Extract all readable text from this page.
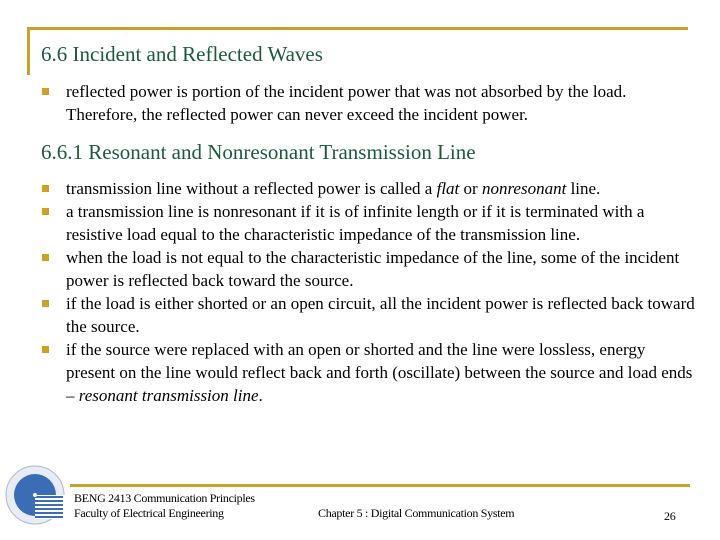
6.6 Incident and Reflected Waves
reflected power is portion of the incident power that was not absorbed by the load. Therefore, the reflected power can never exceed the incident power.
6.6.1 Resonant and Nonresonant Transmission Line
transmission line without a reflected power is called a flat or nonresonant line.
a transmission line is nonresonant if it is of infinite length or if it is terminated with a resistive load equal to the characteristic impedance of the transmission line.
when the load is not equal to the characteristic impedance of the line, some of the incident power is reflected back toward the source.
if the load is either shorted or an open circuit, all the incident power is reflected back toward the source.
if the source were replaced with an open or shorted and the line were lossless, energy present on the line would reflect back and forth (oscillate) between the source and load ends – resonant transmission line.
BENG 2413 Communication Principles
Faculty of Electrical Engineering	Chapter 5 : Digital Communication System	26
